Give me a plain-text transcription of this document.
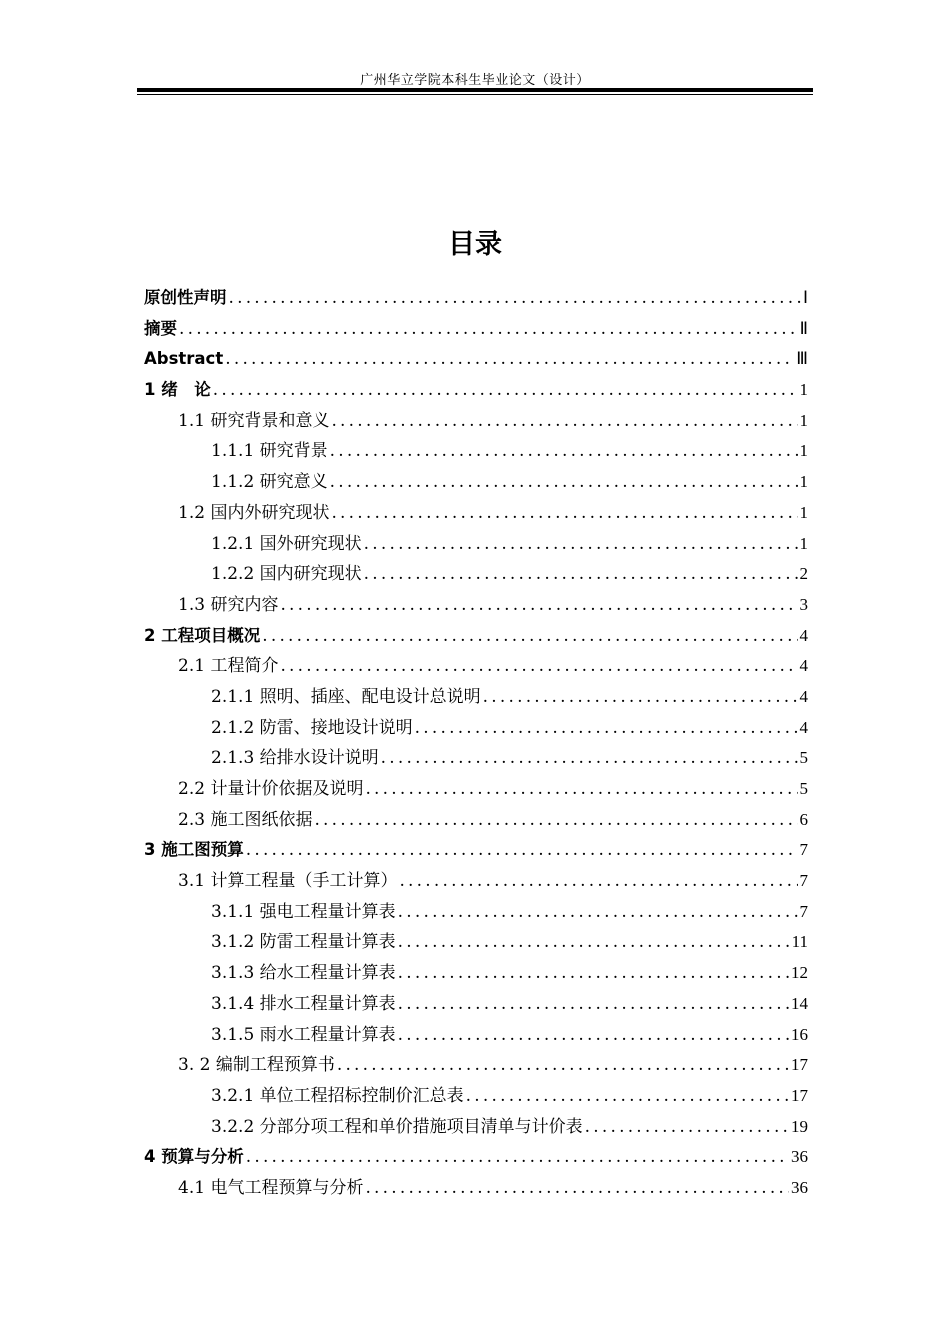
广州华立学院本科生毕业论文（设计）
目录
原创性声明 .....	Ⅰ
摘要 .....	Ⅱ
Abstract .....	Ⅲ
1 绪　论 .....	1
1.1 研究背景和意义 .....	1
1.1.1 研究背景 .....	1
1.1.2 研究意义 .....	1
1.2 国内外研究现状 .....	1
1.2.1 国外研究现状 .....	1
1.2.2 国内研究现状 .....	2
1.3 研究内容 .....	3
2 工程项目概况 .....	4
2.1 工程简介 .....	4
2.1.1 照明、插座、配电设计总说明 .....	4
2.1.2 防雷、接地设计说明 .....	4
2.1.3 给排水设计说明 .....	5
2.2 计量计价依据及说明 .....	5
2.3 施工图纸依据 .....	6
3 施工图预算 .....	7
3.1 计算工程量（手工计算） .....	7
3.1.1 强电工程量计算表 .....	7
3.1.2 防雷工程量计算表 .....	11
3.1.3 给水工程量计算表 .....	12
3.1.4 排水工程量计算表 .....	14
3.1.5 雨水工程量计算表 .....	16
3. 2 编制工程预算书 .....	17
3.2.1 单位工程招标控制价汇总表 .....	17
3.2.2 分部分项工程和单价措施项目清单与计价表 .....	19
4 预算与分析 .....	36
4.1 电气工程预算与分析 .....	36
